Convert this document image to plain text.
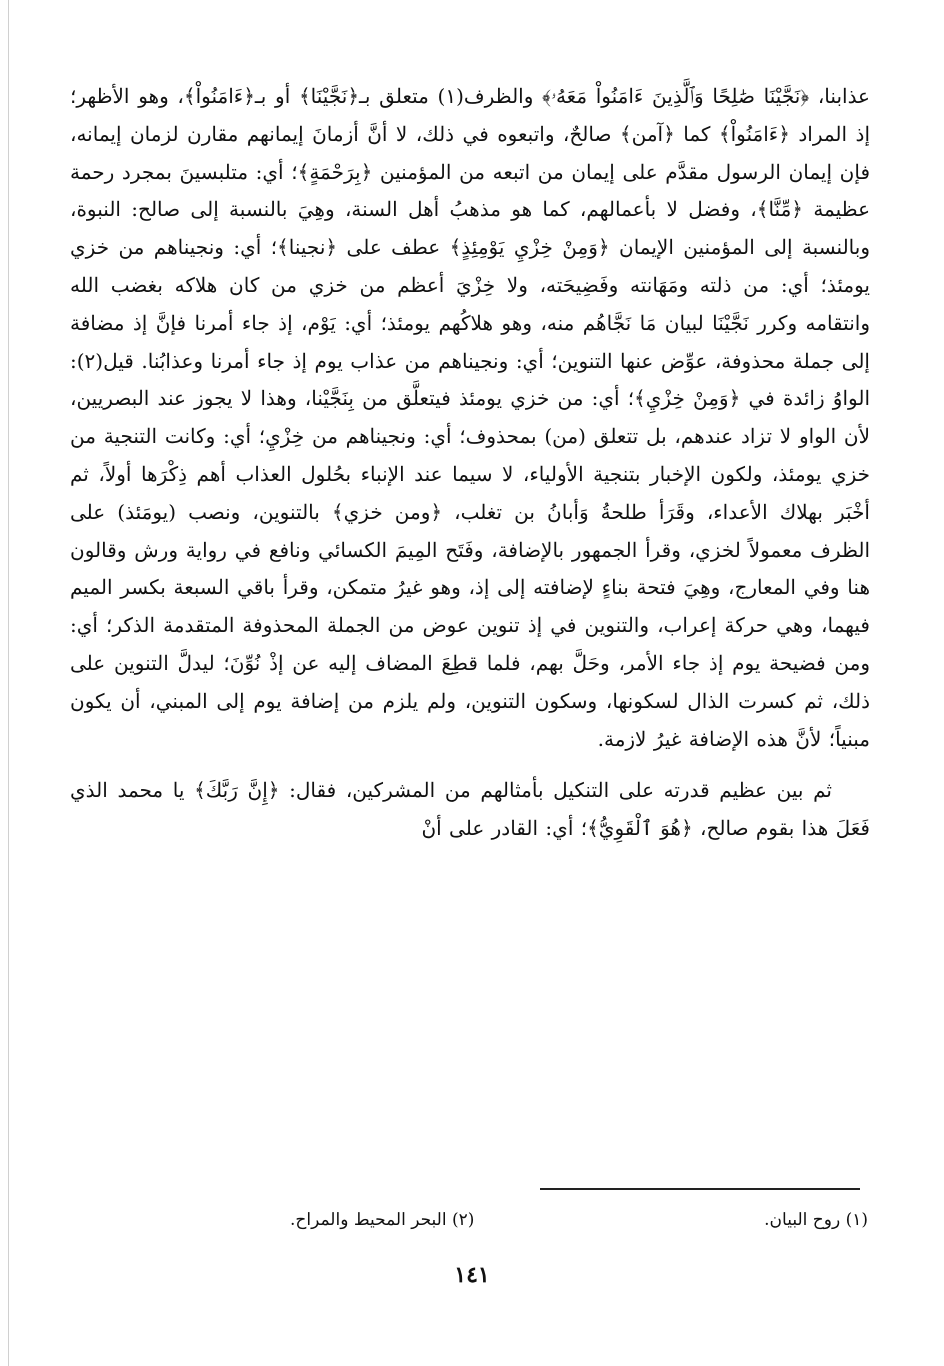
عذابنا، ﴿نَجَّيْنَا صَٰلِحًا وَٱلَّذِينَ ءَامَنُواْ مَعَهُۥ﴾ والظرف(١) متعلق بـ﴿نَجَّيْنَا﴾ أو بـ﴿ءَامَنُواْ﴾، وهو الأظهر؛ إذ المراد ﴿ءَامَنُواْ﴾ كما ﴿آمن﴾ صالحٌ، واتبعوه في ذلك، لا أنَّ أزمانَ إيمانهم مقارن لزمان إيمانه، فإن إيمان الرسول مقدَّم على إيمان من اتبعه من المؤمنين ﴿بِرَحْمَةٍ﴾؛ أي: متلبسينَ بمجرد رحمة عظيمة ﴿مِّنَّا﴾، وفضل لا بأعمالهم، كما هو مذهبُ أهل السنة، وهِيَ بالنسبة إلى صالح: النبوة، وبالنسبة إلى المؤمنين الإيمان ﴿وَمِنْ خِزْيِ يَوْمِئِذٍ﴾ عطف على ﴿نجينا﴾؛ أي: ونجيناهم من خزي يومئذ؛ أي: من ذلته ومَهَانته وفَضِيحَته، ولا خِزْيَ أعظم من خزي من كان هلاكه بغضب الله وانتقامه وكرر نَجَّيْنَا لبيان مَا نَجَّاهُم منه، وهو هلاكُهم يومئذ؛ أي: يَوْم، إذ جاء أمرنا فإنَّ إذ مضافة إلى جملة محذوفة، عوِّض عنها التنوين؛ أي: ونجيناهم من عذاب يوم إذ جاء أمرنا وعذابُنا. قيل(٢): الواوُ زائدة في ﴿وَمِنْ خِزْيِ﴾؛ أي: من خزي يومئذ فيتعلَّق من بِنَجَّيْنا، وهذا لا يجوز عند البصريين، لأن الواو لا تزاد عندهم، بل تتعلق (من) بمحذوف؛ أي: ونجيناهم من خِزْيِ؛ أي: وكانت التنجية من خزي يومئذ، ولكون الإخبار بتنجية الأولياء، لا سيما عند الإنباء بحُلول العذاب أهم ذِكْرَها أولاً، ثم أخْبَر بهلاك الأعداء، وقَرَأ طلحةُ وَأبانُ بن تغلب، ﴿ومن خزي﴾ بالتنوين، ونصب (يومَئذ) على الظرف معمولاً لخزي، وقرأ الجمهور بالإضافة، وفَتَح المِيمَ الكسائي ونافع في رواية ورش وقالون هنا وفي المعارج، وهِيَ فتحة بناءٍ لإضافته إلى إذ، وهو غيرُ متمكن، وقرأ باقي السبعة بكسر الميم فيهما، وهي حركة إعراب، والتنوين في إذ تنوين عوض من الجملة المحذوفة المتقدمة الذكر؛ أي: ومن فضيحة يوم إذ جاء الأمر، وحَلَّ بهم، فلما قطِعَ المضاف إليه عن إذْ نُوِّنَ؛ ليدلَّ التنوين على ذلك، ثم كسرت الذال لسكونها، وسكون التنوين، ولم يلزم من إضافة يوم إلى المبني، أن يكون مبنياً؛ لأنَّ هذه الإضافة غيرُ لازمة.

ثم بين عظيم قدرته على التنكيل بأمثالهم من المشركين، فقال: ﴿إِنَّ رَبَّكَ﴾ يا محمد الذي فَعَلَ هذا بقوم صالح، ﴿هُوَ ٱلْقَوِيُّ﴾؛ أي: القادر على أنْ

(١) روح البيان.
(٢) البحر المحيط والمراح.
١٤١
